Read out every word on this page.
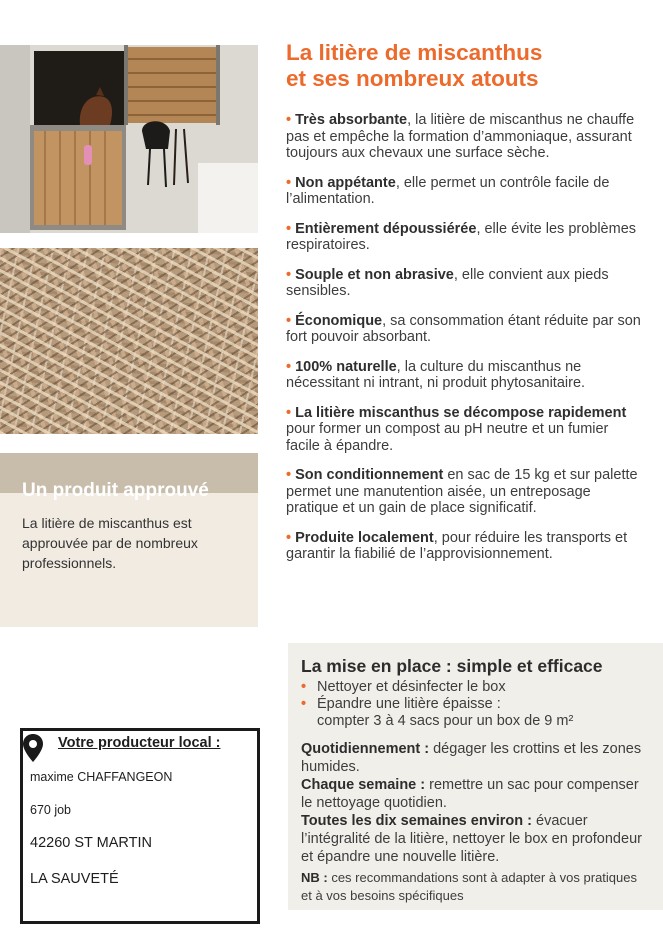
Un produit approuvé
La litière de miscanthus est approuvée par de nombreux professionnels.
La litière de miscanthus
et ses nombreux atouts
• Très absorbante, la litière de miscanthus ne chauffe pas et empêche la formation d’ammoniaque, assurant toujours aux chevaux une surface sèche.
• Non appétante, elle permet un contrôle facile de l’alimentation.
• Entièrement dépoussiérée, elle évite les problèmes respiratoires.
• Souple et non abrasive, elle convient aux pieds sensibles.
• Économique, sa consommation étant réduite par son fort pouvoir absorbant.
• 100% naturelle, la culture du miscanthus ne nécessitant ni intrant, ni produit phytosanitaire.
• La litière miscanthus se décompose rapidement pour former un compost au pH neutre et un fumier facile à épandre.
• Son conditionnement en sac de 15 kg et sur palette permet une manutention aisée, un entreposage pratique et un gain de place significatif.
• Produite localement, pour réduire les transports et garantir la fiabilié de l’approvisionnement.
La mise en place : simple et efficace
• Nettoyer et désinfecter le box
• Épandre une litière épaisse :
compter 3 à 4 sacs pour un box de 9 m²

Quotidiennement : dégager les crottins et les zones humides.

Chaque semaine : remettre un sac pour compenser le nettoyage quotidien.

Toutes les dix semaines environ : évacuer l’intégralité de la litière, nettoyer le box en profondeur et épandre une nouvelle litière.

NB : ces recommandations sont à adapter à vos pratiques et à vos besoins spécifiques

Votre producteur local :
maxime CHAFFANGEON
670 job
42260 ST MARTIN
LA SAUVETÉ
